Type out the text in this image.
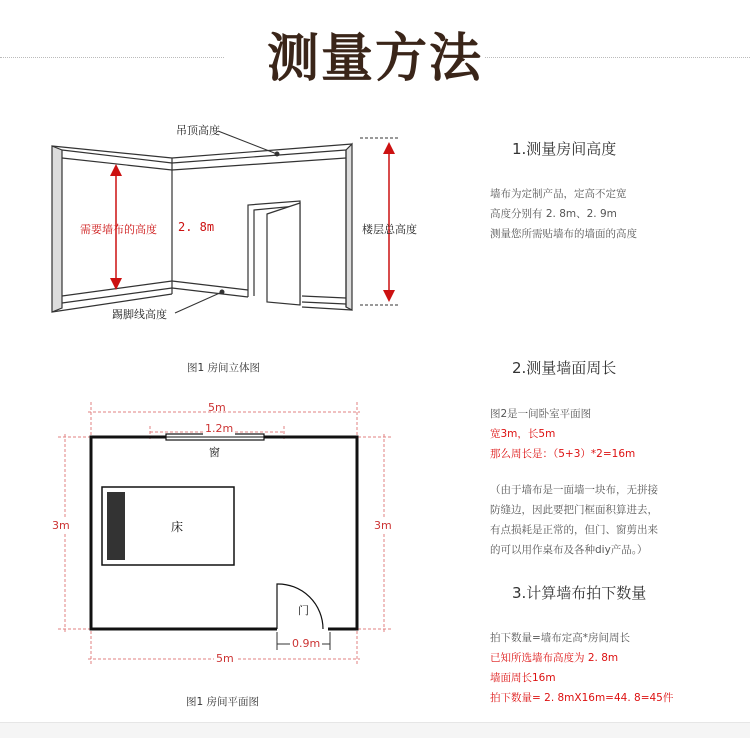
测量方法
吊顶高度
需要墙布的高度 2. 8m	楼层总高度
踢脚线高度
图1 房间立体图
5m
1.2m
窗
床
3m	3m
门
0.9m
5m
图1 房间平面图
1.测量房间高度
墙布为定制产品，定高不定宽
高度分别有 2. 8m、2. 9m
测量您所需贴墙布的墙面的高度
2.测量墙面周长
图2是一间卧室平面图
宽3m，长5m
那么周长是：（5+3）*2=16m
（由于墙布是一面墙一块布，无拼接
防缝边，因此要把门框面积算进去，
有点损耗是正常的，但门、窗剪出来
的可以用作桌布及各种diy产品。）
3.计算墙布拍下数量
拍下数量=墙布定高*房间周长
已知所选墙布高度为 2. 8m
墙面周长16m
拍下数量= 2. 8mX16m=44. 8=45件
